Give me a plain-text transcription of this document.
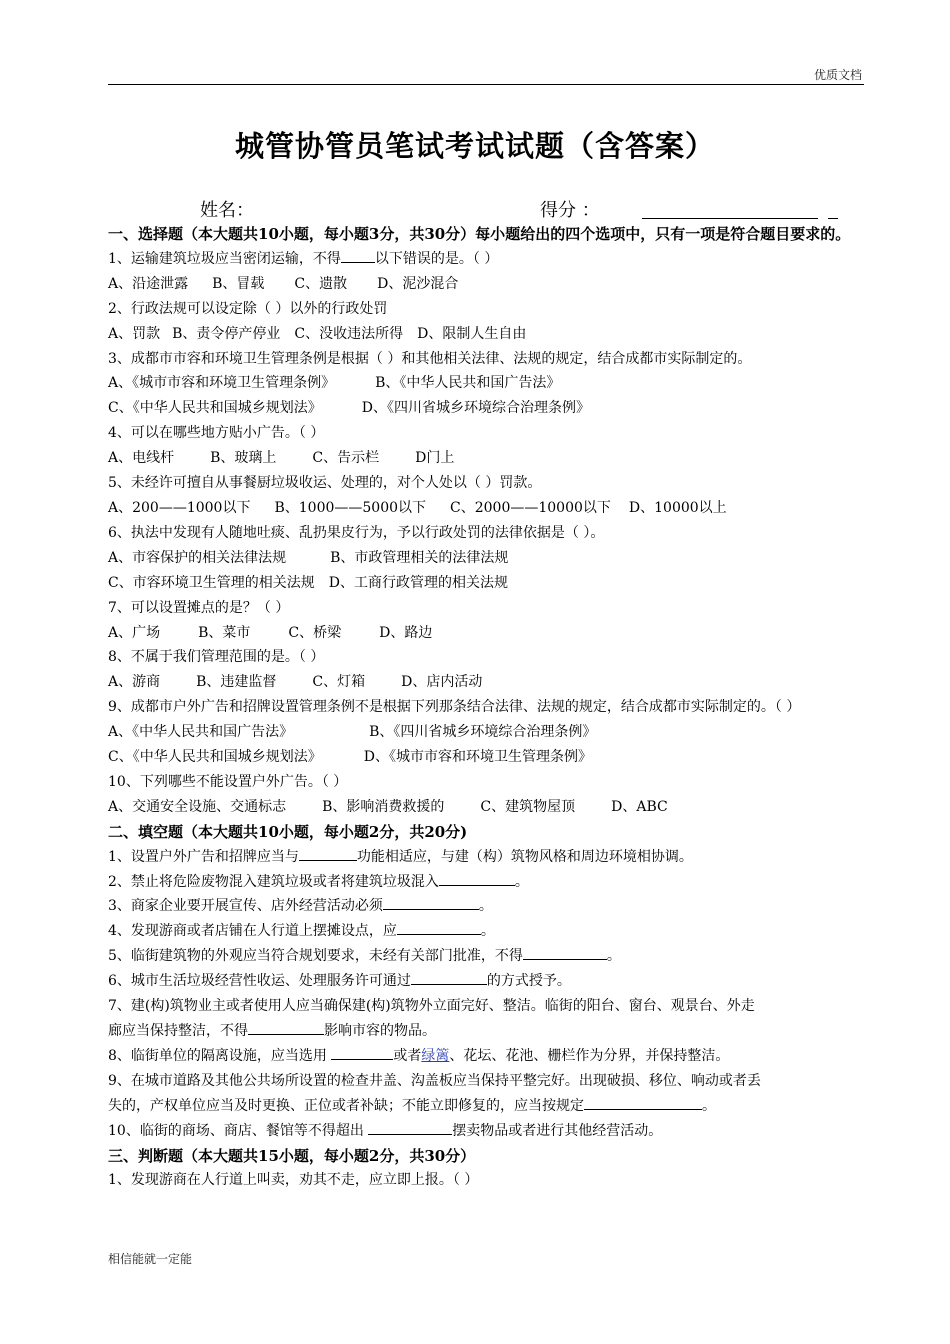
优质文档
城管协管员笔试考试试题（含答案）
姓名：	得分 ：
一、选择题（本大题共10小题，每小题3分，共30分）每小题给出的四个选项中，只有一项是符合题目要求的。
1、运输建筑垃圾应当密闭运输，不得 以下错误的是。（ ）
A、沿途泄露 B、冒载 C、遗散 D、泥沙混合
2、行政法规可以设定除（ ）以外的行政处罚
A、罚款 B、责令停产停业 C、没收违法所得 D、限制人生自由
3、成都市市容和环境卫生管理条例是根据（ ）和其他相关法律、法规的规定，结合成都市实际制定的。
A、《城市市容和环境卫生管理条例》	B、《中华人民共和国广告法》
C、《中华人民共和国城乡规划法》	D、《四川省城乡环境综合治理条例》
4、可以在哪些地方贴小广告。（ ）
A、电线杆	B、玻璃上	C、告示栏	D门上
5、未经许可擅自从事餐厨垃圾收运、处理的，对个人处以（ ）罚款。
A、200——1000以下 B、1000——5000以下 C、2000——10000以下 D、10000以上
6、执法中发现有人随地吐痰、乱扔果皮行为，予以行政处罚的法律依据是（ ）。
A、市容保护的相关法律法规	B、市政管理相关的法律法规
C、市容环境卫生管理的相关法规 D、工商行政管理的相关法规
7、可以设置摊点的是？（ ）
A、广场	B、菜市	C、桥梁	D、路边
8、不属于我们管理范围的是。（ ）
A、游商	B、违建监督	C、灯箱	D、店内活动
9、成都市户外广告和招牌设置管理条例不是根据下列那条结合法律、法规的规定，结合成都市实际制定的。（ ）
A、《中华人民共和国广告法》	B、《四川省城乡环境综合治理条例》
C、《中华人民共和国城乡规划法》	D、《城市市容和环境卫生管理条例》
10、下列哪些不能设置户外广告。（ ）
A、交通安全设施、交通标志	B、影响消费救援的	C、建筑物屋顶	D、ABC
二、填空题（本大题共10小题，每小题2分，共20分)
1、设置户外广告和招牌应当与	功能相适应，与建（构）筑物风格和周边环境相协调。
2、禁止将危险废物混入建筑垃圾或者将建筑垃圾混入	。
3、商家企业要开展宣传、店外经营活动必须	。
4、发现游商或者店铺在人行道上摆摊设点，应	。
5、临街建筑物的外观应当符合规划要求，未经有关部门批准，不得	。
6、城市生活垃圾经营性收运、处理服务许可通过	的方式授予。
7、建(构)筑物业主或者使用人应当确保建(构)筑物外立面完好、整洁。临街的阳台、窗台、观景台、外走
廊应当保持整洁，不得	影响市容的物品。
8、临街单位的隔离设施，应当选用	或者绿篱、花坛、花池、栅栏作为分界，并保持整洁。
9、在城市道路及其他公共场所设置的检查井盖、沟盖板应当保持平整完好。出现破损、移位、响动或者丢
失的，产权单位应当及时更换、正位或者补缺；不能立即修复的，应当按规定	。
10、临街的商场、商店、餐馆等不得超出	摆卖物品或者进行其他经营活动。
三、判断题（本大题共15小题，每小题2分，共30分）
1、发现游商在人行道上叫卖，劝其不走，应立即上报。（ ）
相信能就一定能
